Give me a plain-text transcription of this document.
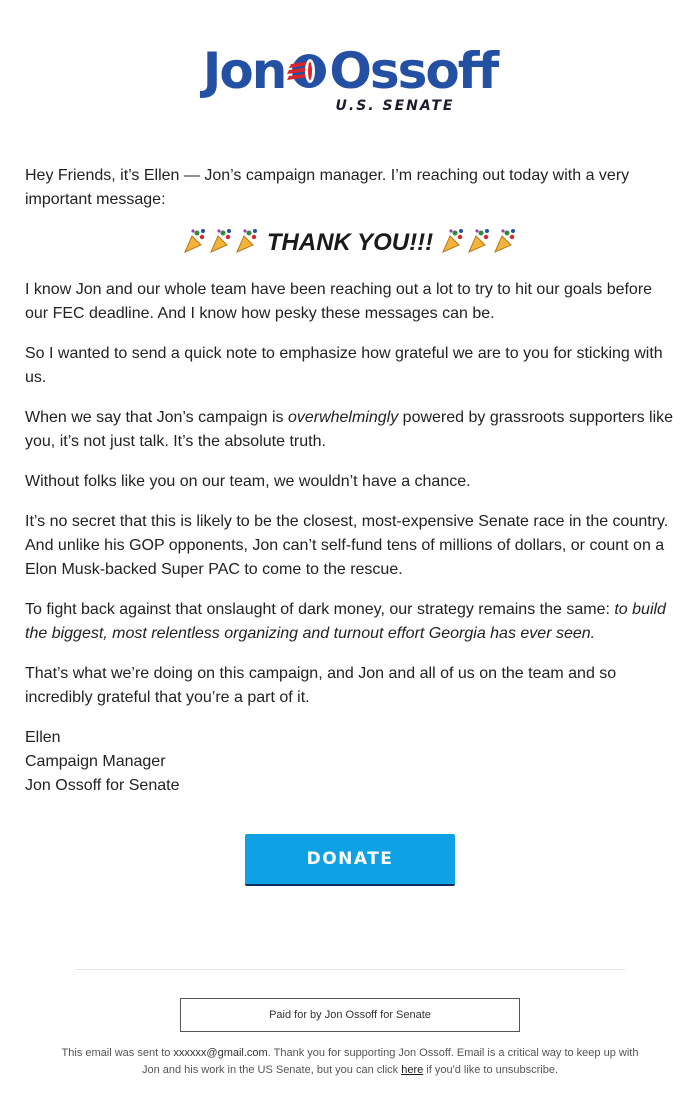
Jon Ossoff
U.S. SENATE

Hey Friends, it’s Ellen — Jon’s campaign manager. I’m reaching out today with a very important message:

THANK YOU!!!

I know Jon and our whole team have been reaching out a lot to try to hit our goals before our FEC deadline. And I know how pesky these messages can be.

So I wanted to send a quick note to emphasize how grateful we are to you for sticking with us.

When we say that Jon’s campaign is overwhelmingly powered by grassroots supporters like you, it’s not just talk. It’s the absolute truth.

Without folks like you on our team, we wouldn’t have a chance.

It’s no secret that this is likely to be the closest, most-expensive Senate race in the country. And unlike his GOP opponents, Jon can’t self-fund tens of millions of dollars, or count on a Elon Musk-backed Super PAC to come to the rescue.

To fight back against that onslaught of dark money, our strategy remains the same: to build the biggest, most relentless organizing and turnout effort Georgia has ever seen.

That’s what we’re doing on this campaign, and Jon and all of us on the team and so incredibly grateful that you’re a part of it.

Ellen
Campaign Manager
Jon Ossoff for Senate
DONATE
Paid for by Jon Ossoff for Senate
This email was sent to xxxxxx@gmail.com. Thank you for supporting Jon Ossoff. Email is a critical way to keep up with Jon and his work in the US Senate, but you can click here if you'd like to unsubscribe.
